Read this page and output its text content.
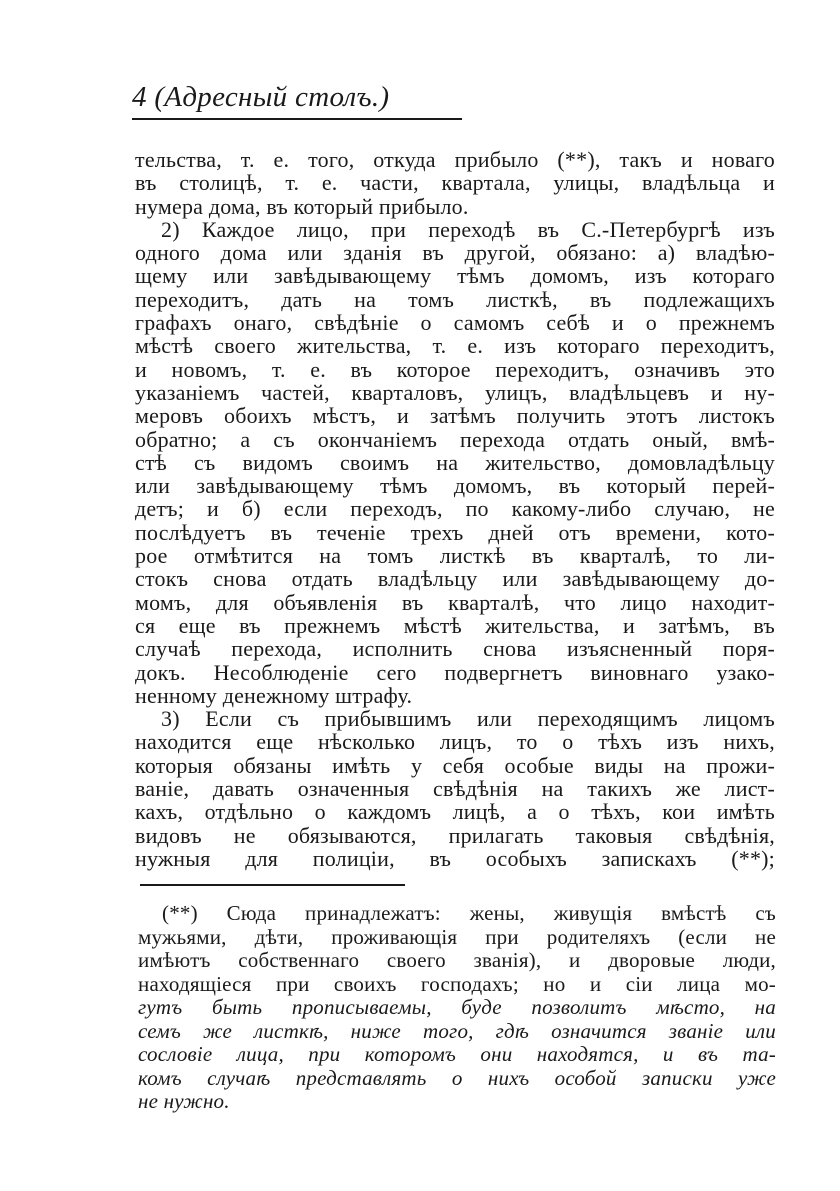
4 (Адресный столъ.)
тельства, т. е. того, откуда прибыло (**), такъ и новаго
въ столицѣ, т. е. части, квартала, улицы, владѣльца и
нумера дома, въ который прибыло.
2) Каждое лицо, при переходѣ въ С.-Петербургѣ изъ
одного дома или зданія въ другой, обязано: а) владѣю-
щему или завѣдывающему тѣмъ домомъ, изъ котораго
переходитъ, дать на томъ листкѣ, въ подлежащихъ
графахъ онаго, свѣдѣніе о самомъ себѣ и о прежнемъ
мѣстѣ своего жительства, т. е. изъ котораго переходитъ,
и новомъ, т. е. въ которое переходитъ, означивъ это
указаніемъ частей, кварталовъ, улицъ, владѣльцевъ и ну-
меровъ обоихъ мѣстъ, и затѣмъ получить этотъ листокъ
обратно; а съ окончаніемъ перехода отдать оный, вмѣ-
стѣ съ видомъ своимъ на жительство, домовладѣльцу
или завѣдывающему тѣмъ домомъ, въ который перей-
детъ; и б) если переходъ, по какому-либо случаю, не
послѣдуетъ въ теченіе трехъ дней отъ времени, кото-
рое отмѣтится на томъ листкѣ въ кварталѣ, то ли-
стокъ снова отдать владѣльцу или завѣдывающему до-
момъ, для объявленія въ кварталѣ, что лицо находит-
ся еще въ прежнемъ мѣстѣ жительства, и затѣмъ, въ
случаѣ перехода, исполнить снова изъясненный поря-
докъ. Несоблюденіе сего подвергнетъ виновнаго узако-
ненному денежному штрафу.
3) Если съ прибывшимъ или переходящимъ лицомъ
находится еще нѣсколько лицъ, то о тѣхъ изъ нихъ,
которыя обязаны имѣть у себя особые виды на прожи-
ваніе, давать означенныя свѣдѣнія на такихъ же лист-
кахъ, отдѣльно о каждомъ лицѣ, а о тѣхъ, кои имѣть
видовъ не обязываются, прилагать таковыя свѣдѣнія,
нужныя для полиціи, въ особыхъ запискахъ (**);
(**) Сюда принадлежатъ: жены, живущія вмѣстѣ съ
мужьями, дѣти, проживающія при родителяхъ (если не
имѣютъ собственнаго своего званія), и дворовые люди,
находящіеся при своихъ господахъ; но и сіи лица мо-
гутъ быть прописываемы, буде позволитъ мѣсто, на
семъ же листкѣ, ниже того, гдѣ означится званіе или
сословіе лица, при которомъ они находятся, и въ та-
комъ случаѣ представлять о нихъ особой записки уже
не нужно.
